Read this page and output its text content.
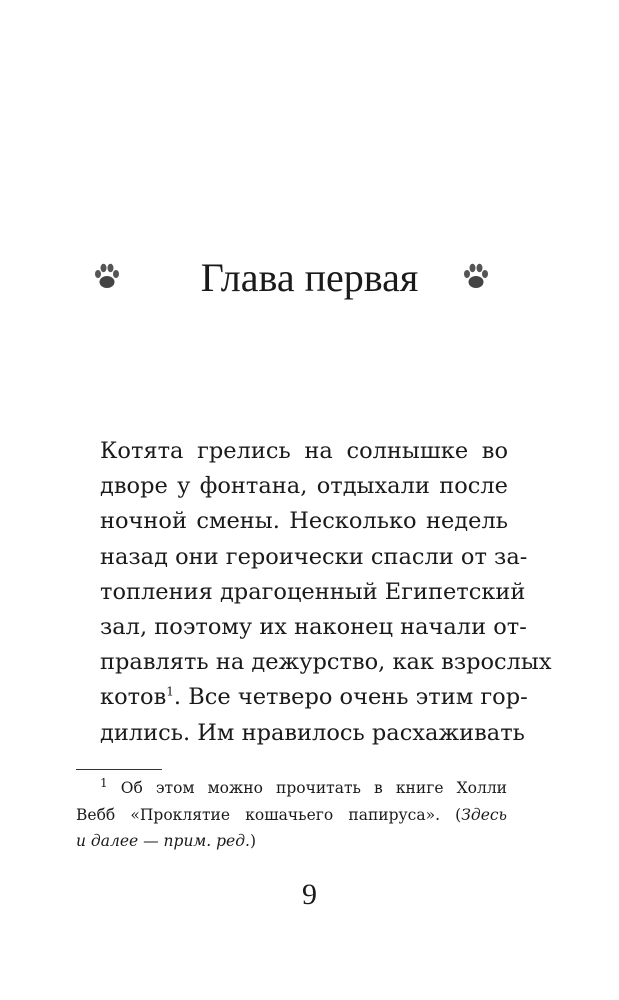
Глава первая
Котята грелись на солнышке во
дворе у фонтана, отдыхали после
ночной смены. Несколько недель
назад они героически спасли от за-
топления драгоценный Египетский
зал, поэтому их наконец начали от-
правлять на дежурство, как взрослых
котов$^1$. Все четверо очень этим гор-
дились. Им нравилось расхаживать
$^1$ Об этом можно прочитать в книге Холли
Вебб «Проклятие кошачьего папируса». (Здесь
и далее — прим. ред.)
9
